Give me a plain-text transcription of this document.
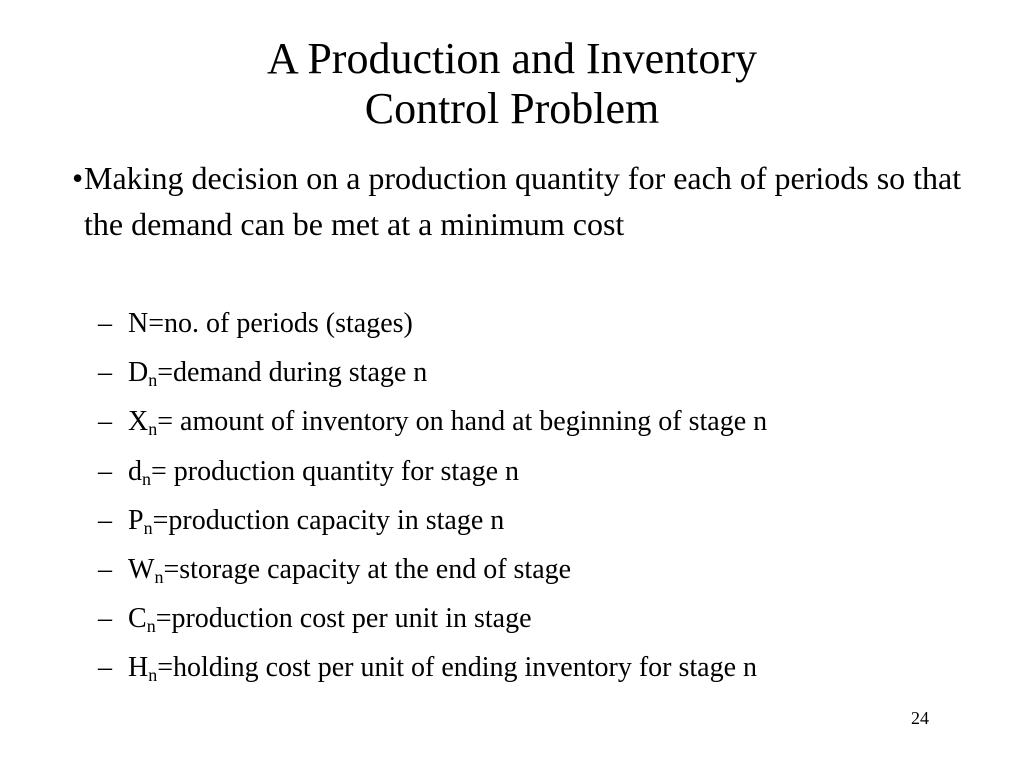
A Production and Inventory
Control Problem
• Making decision on a production quantity for each of periods so that the demand can be met at a minimum cost
– N=no. of periods (stages)
– $D_n=demand$ during stage n
– $X_n=$ amount of inventory on hand at beginning of stage n
– $d_n=$ production quantity for stage n
– $P_n=production$ capacity in stage n
– $W_n=storage$ capacity at the end of stage
– $C_n=production$ cost per unit in stage
– $H_n=holding$ cost per unit of ending inventory for stage n
24
